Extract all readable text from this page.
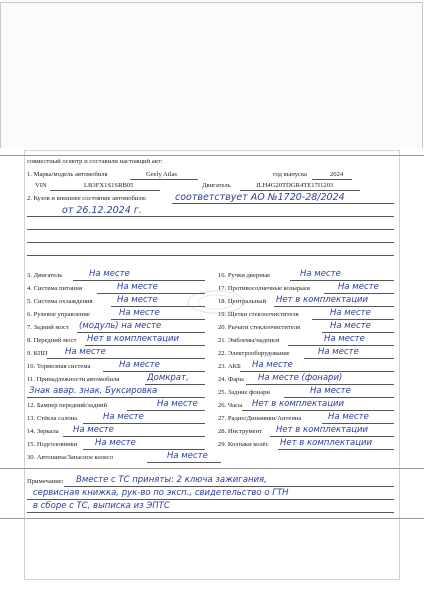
совместный осмотр и составили настоящий акт:
1. Марка/модель автомобиля	Geely Atlas	год выпуска	2024
VIN	LB3FX1S1SRB05	Двигатель	JLH4G20TDGR4TE17I1203
2. Кузов и внешнее состояние автомобиля:	соответствует АО №1720-28/2024
от 26.12.2024 г.
3. Двигатель	На месте
4. Система питания	На месте
5. Система охлаждения	На месте
6. Рулевое управление	На месте
7. Задний мост (модуль) на месте
8. Передний мост Нет в комплектации
9. КПП На месте
10. Тормозная система	На месте
11. Принадлежности автомобиля	Домкрат,
Знак авар. знак, Буксировка
12. Бампер передний/задний	На месте
13. Стёкла салона	На месте
14. Зеркала На месте
15. Подголовники На месте
30. Автошина/Запасное колесо	На месте
16. Ручки дверные	На месте
17. Противосолнечные козырьки	На месте
18. Центральный Нет в комплектации
19. Щетки стеклоочистителя	На месте
20. Рычаги стеклоочистителя	На месте
21. Эмблемы/надписи	На месте
22. Электрооборудование	На месте
23. АКБ На месте
24. Фары На месте (фонари)
25. Задние фонари	На месте
26. Часы Нет в комплектации
27. Радио/Динамики/Антенна	На месте
28. Инструмент Нет в комплектации
29. Колпаки колёс Нет в комплектации
Примечание: Вместе с ТС приняты: 2 ключа зажигания,
сервисная книжка, рук-во по эксп., свидетельство о ГТН
в сборе с ТС, выписка из ЭПТС
